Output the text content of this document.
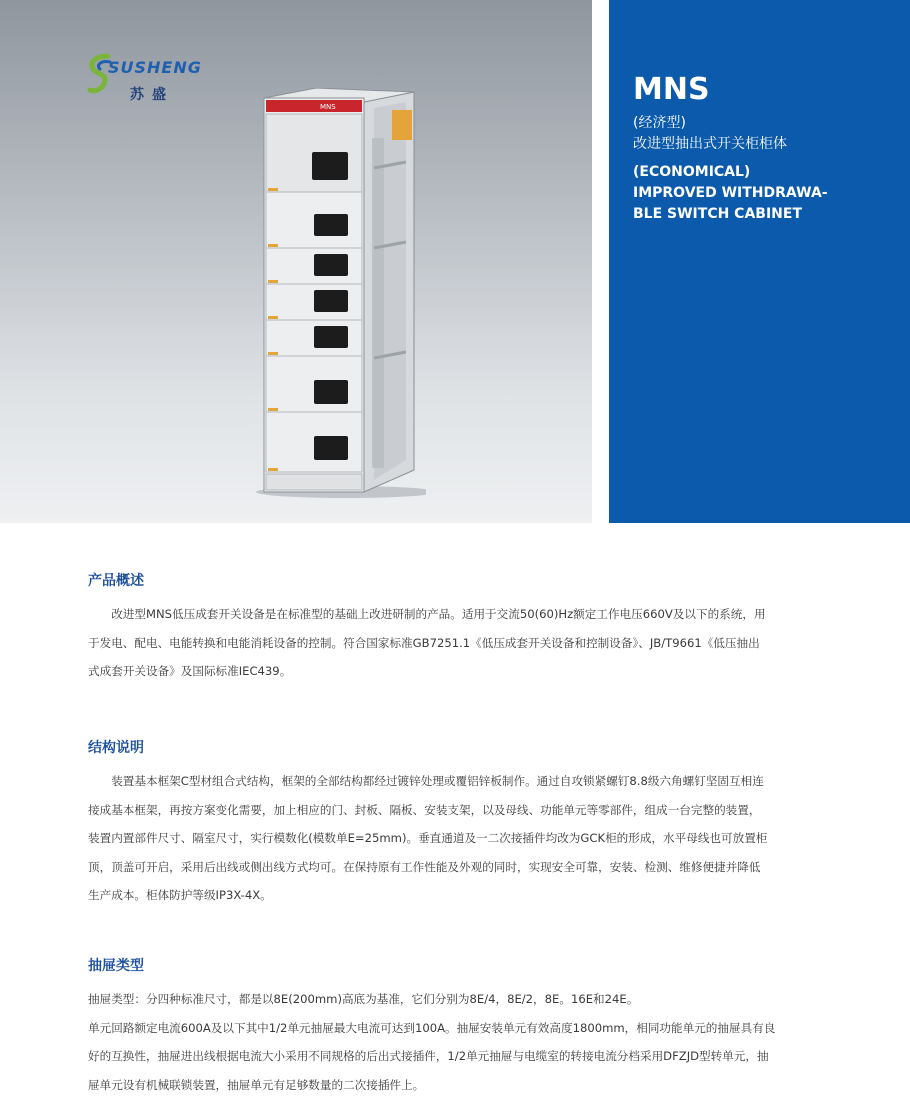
SUSHENG
苏盛
MNS	MNS
(经济型)
改进型抽出式开关柜柜体
(ECONOMICAL)
IMPROVED WITHDRAWA-
BLE SWITCH CABINET
产品概述
改进型MNS低压成套开关设备是在标准型的基础上改进研制的产品。适用于交流50(60)Hz额定工作电压660V及以下的系统，用
于发电、配电、电能转换和电能消耗设备的控制。符合国家标准GB7251.1《低压成套开关设备和控制设备》、JB/T9661《低压抽出
式成套开关设备》及国际标准IEC439。
结构说明
装置基本框架C型材组合式结构，框架的全部结构都经过镀锌处理或覆铝锌板制作。通过自攻锁紧螺钉8.8级六角螺钉坚固互相连
接成基本框架，再按方案变化需要，加上相应的门、封板、隔板、安装支架，以及母线、功能单元等零部件，组成一台完整的装置，
装置内置部件尺寸、隔室尺寸，实行模数化(模数单E=25mm)。垂直通道及一二次接插件均改为GCK柜的形成，水平母线也可放置柜
顶，顶盖可开启，采用后出线或侧出线方式均可。在保持原有工作性能及外观的同时，实现安全可靠，安装、检测、维修便捷并降低
生产成本。柜体防护等级IP3X-4X。
抽屉类型
抽屉类型：分四种标准尺寸，都是以8E(200mm)高底为基准，它们分别为8E/4，8E/2，8E。16E和24E。
单元回路额定电流600A及以下其中1/2单元抽屉最大电流可达到100A。抽屉安装单元有效高度1800mm，相同功能单元的抽屉具有良
好的互换性，抽屉进出线根据电流大小采用不同规格的后出式接插件，1/2单元抽屉与电缆室的转接电流分档采用DFZJD型转单元，抽
屉单元设有机械联锁装置，抽屉单元有足够数量的二次接插件上。
